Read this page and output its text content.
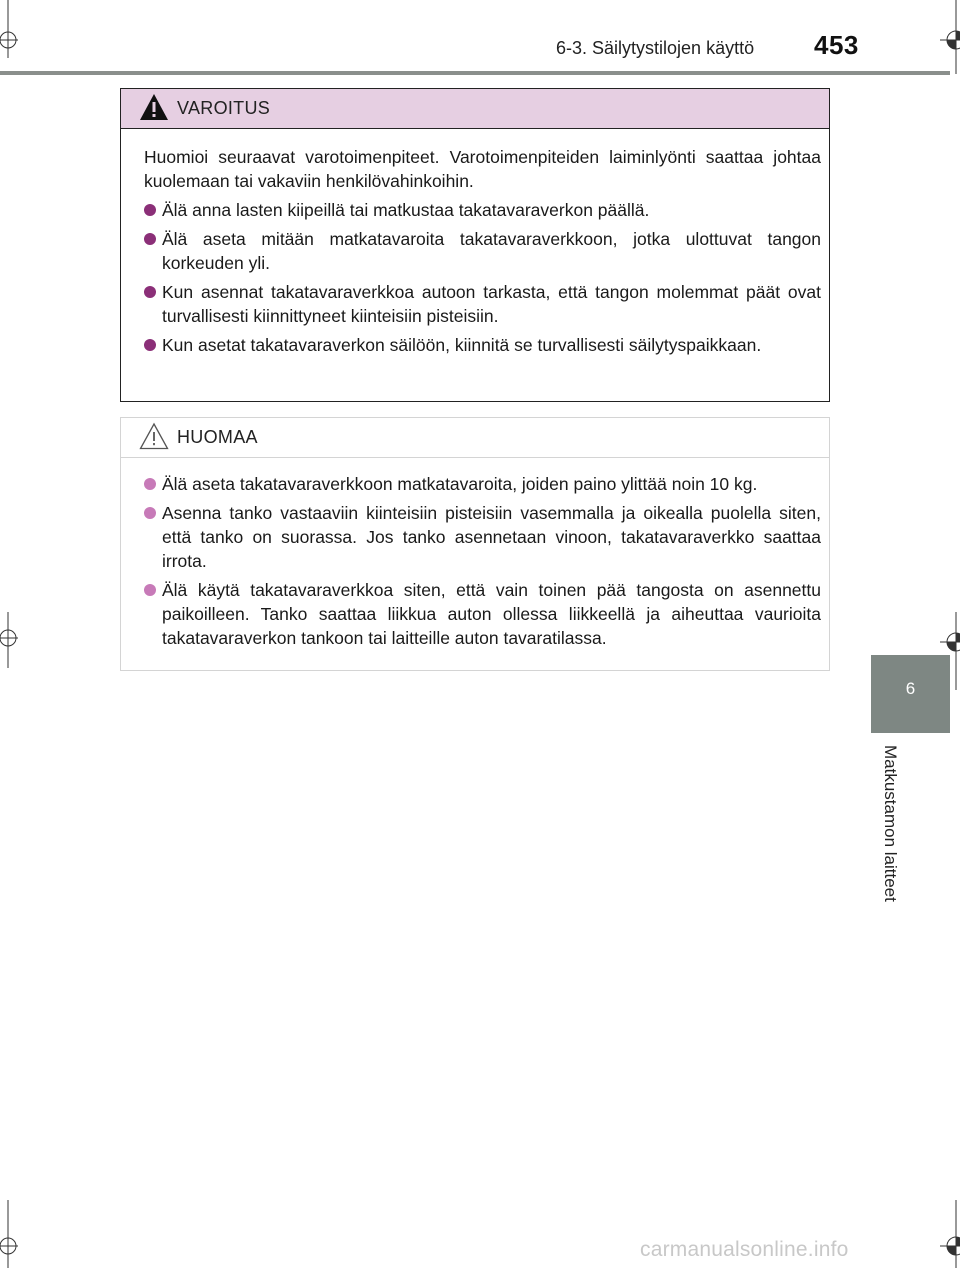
6-3. Säilytystilojen käyttö 453
VAROITUS

Huomioi seuraavat varotoimenpiteet. Varotoimenpiteiden laiminlyönti saattaa johtaa kuolemaan tai vakaviin henkilövahinkoihin.

Älä anna lasten kiipeillä tai matkustaa takatavaraverkon päällä.
Älä aseta mitään matkatavaroita takatavaraverkkoon, jotka ulottuvat tangon korkeuden yli.
Kun asennat takatavaraverkkoa autoon tarkasta, että tangon molemmat päät ovat turvallisesti kiinnittyneet kiinteisiin pisteisiin.
Kun asetat takatavaraverkon säilöön, kiinnitä se turvallisesti säilytyspaikkaan.
HUOMAA
Älä aseta takatavaraverkkoon matkatavaroita, joiden paino ylittää noin 10 kg.
Asenna tanko vastaaviin kiinteisiin pisteisiin vasemmalla ja oikealla puolella siten, että tanko on suorassa. Jos tanko asennetaan vinoon, takatavaraverkko saattaa irrota.
Älä käytä takatavaraverkkoa siten, että vain toinen pää tangosta on asennettu paikoilleen. Tanko saattaa liikkua auton ollessa liikkeellä ja aiheuttaa vaurioita takatavaraverkon tankoon tai laitteille auton tavaratilassa.
6
Matkustamon laitteet
carmanualsonline.info
